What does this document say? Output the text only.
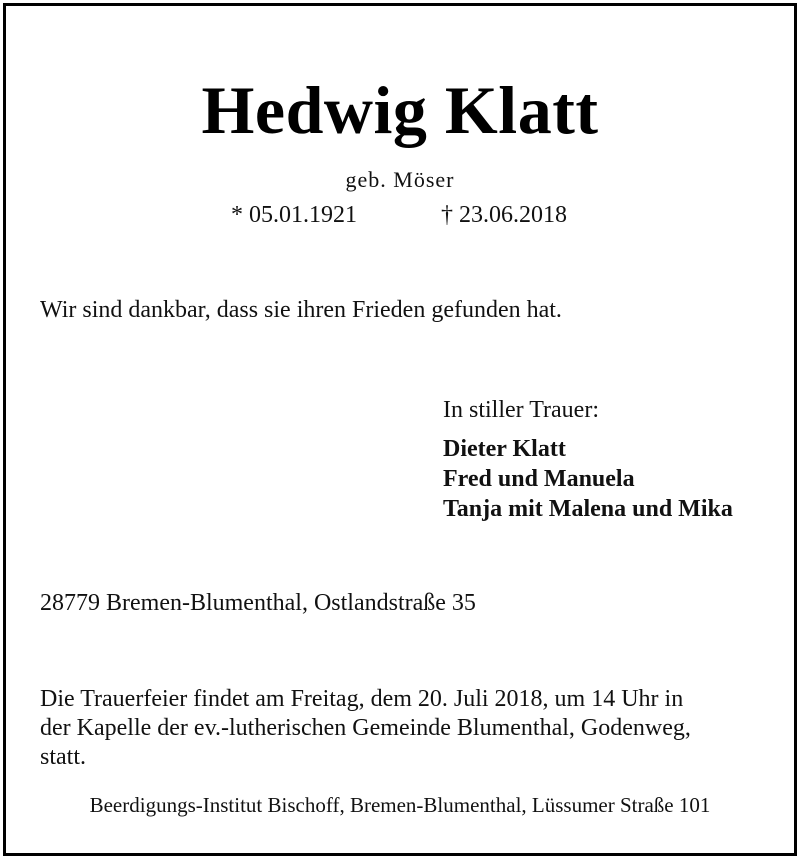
Hedwig Klatt
geb. Möser
* 05.01.1921	† 23.06.2018
Wir sind dankbar, dass sie ihren Frieden gefunden hat.
In stiller Trauer:
Dieter Klatt
Fred und Manuela
Tanja mit Malena und Mika
28779 Bremen-Blumenthal, Ostlandstraße 35
Die Trauerfeier findet am Freitag, dem 20. Juli 2018, um 14 Uhr in
der Kapelle der ev.-lutherischen Gemeinde Blumenthal, Godenweg,
statt.
Beerdigungs-Institut Bischoff, Bremen-Blumenthal, Lüssumer Straße 101
